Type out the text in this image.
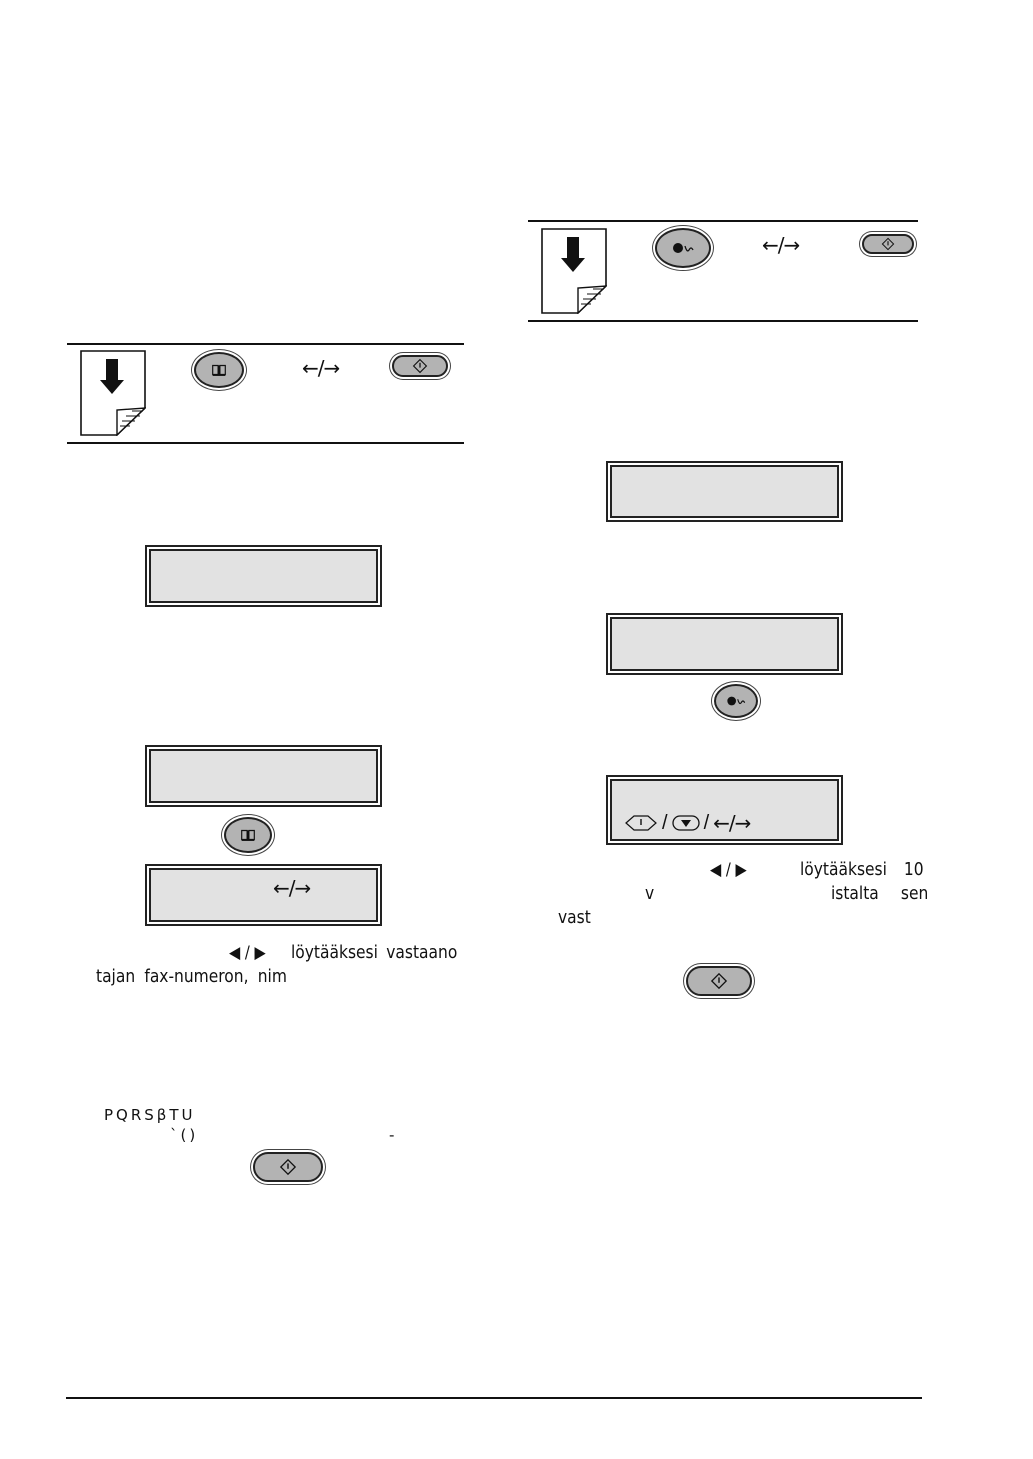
←/→
/ / ←/→
◀ / ▶	löytääksesi 10
v	istalta sen
vast
←/→
←/→
◀ / ▶ löytääksesi vastaano
tajan fax-numeron, nim
PQRSβTU
`()	-
